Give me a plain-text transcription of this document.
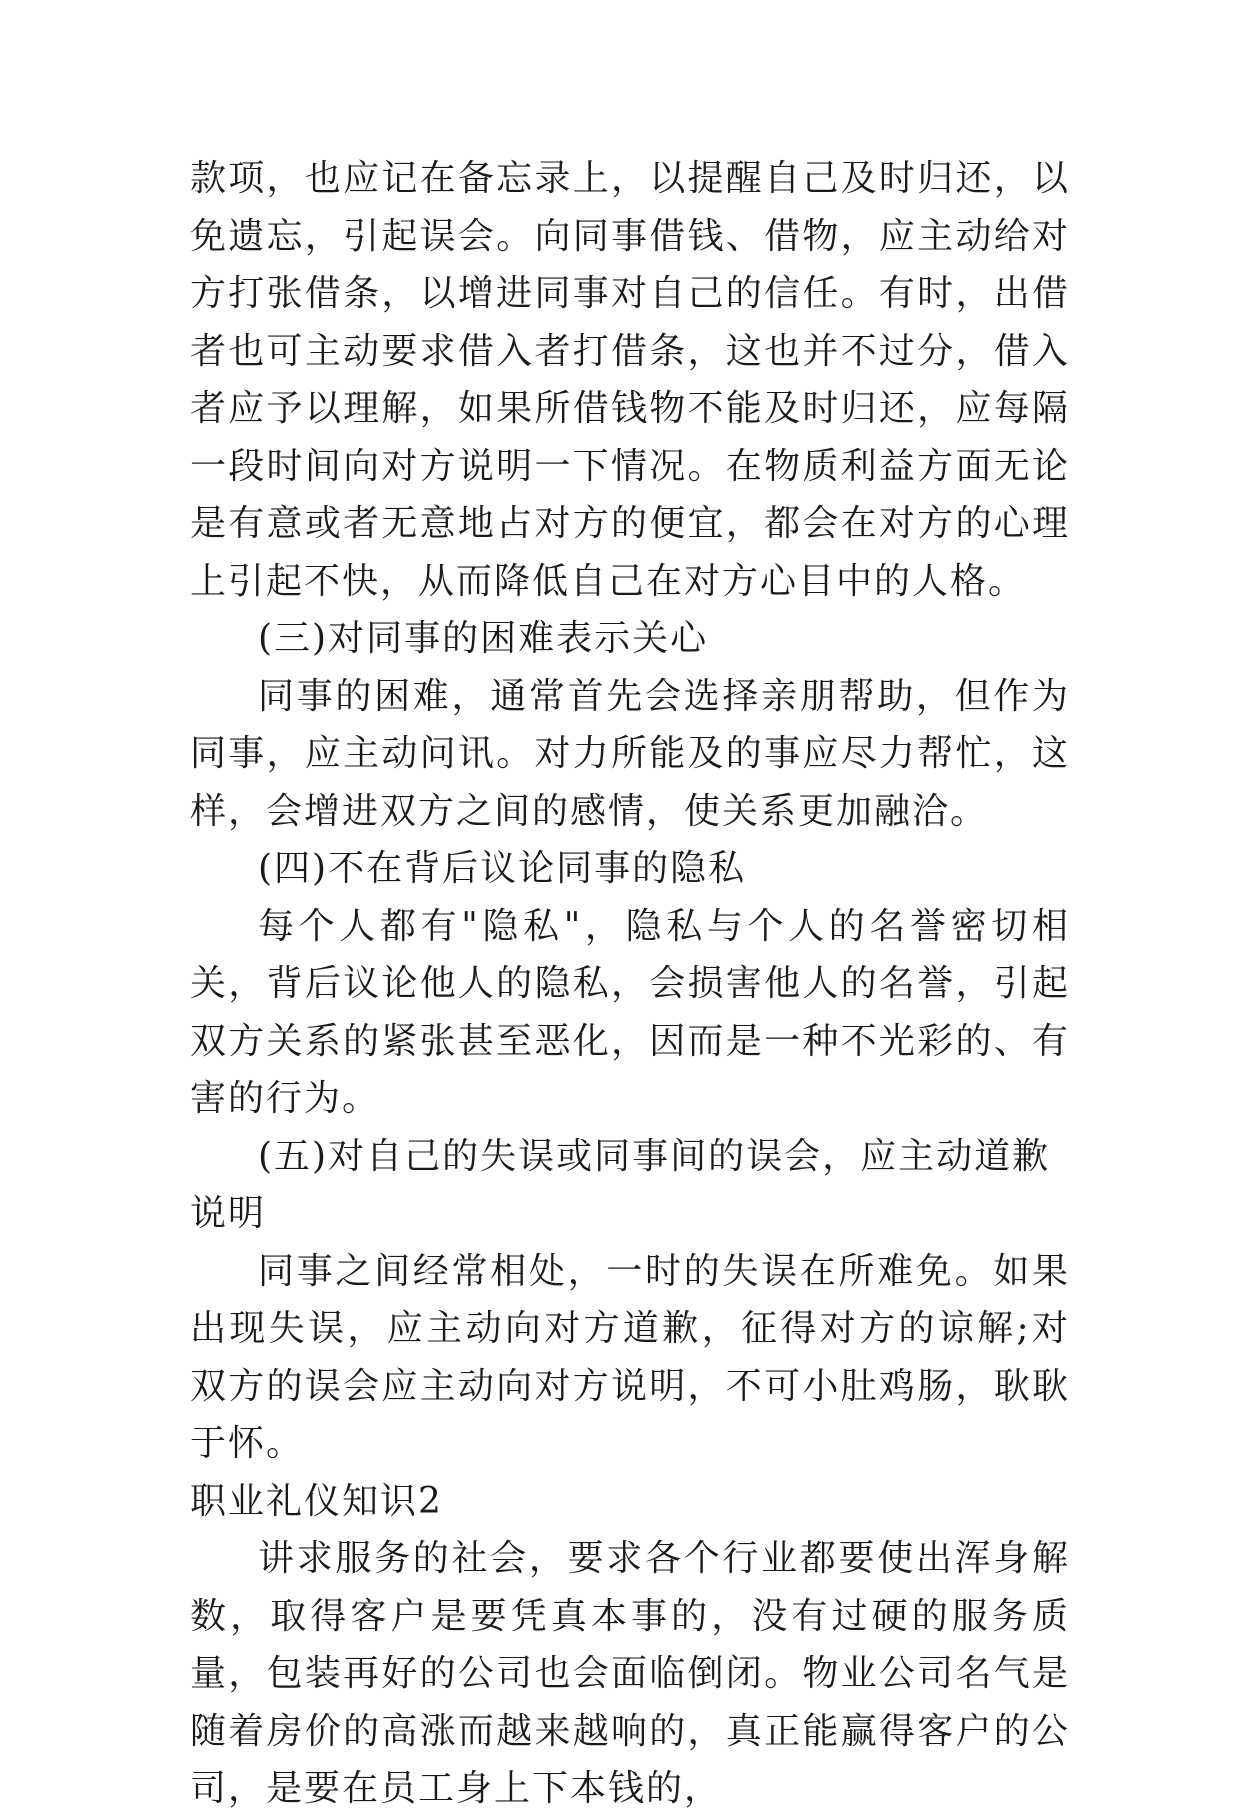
款项，也应记在备忘录上，以提醒自己及时归还，以免遗忘，引起误会。向同事借钱、借物，应主动给对方打张借条，以增进同事对自己的信任。有时，出借者也可主动要求借入者打借条，这也并不过分，借入者应予以理解，如果所借钱物不能及时归还，应每隔一段时间向对方说明一下情况。在物质利益方面无论是有意或者无意地占对方的便宜，都会在对方的心理上引起不快，从而降低自己在对方心目中的人格。

(三)对同事的困难表示关心

同事的困难，通常首先会选择亲朋帮助，但作为同事，应主动问讯。对力所能及的事应尽力帮忙，这样，会增进双方之间的感情，使关系更加融洽。

(四)不在背后议论同事的隐私

每个人都有"隐私"，隐私与个人的名誉密切相关，背后议论他人的隐私，会损害他人的名誉，引起双方关系的紧张甚至恶化，因而是一种不光彩的、有害的行为。

(五)对自己的失误或同事间的误会，应主动道歉说明

同事之间经常相处，一时的失误在所难免。如果出现失误，应主动向对方道歉，征得对方的谅解;对双方的误会应主动向对方说明，不可小肚鸡肠，耿耿于怀。

职业礼仪知识2

讲求服务的社会，要求各个行业都要使出浑身解数，取得客户是要凭真本事的，没有过硬的服务质量，包装再好的公司也会面临倒闭。物业公司名气是随着房价的高涨而越来越响的，真正能赢得客户的公司，是要在员工身上下本钱的，
